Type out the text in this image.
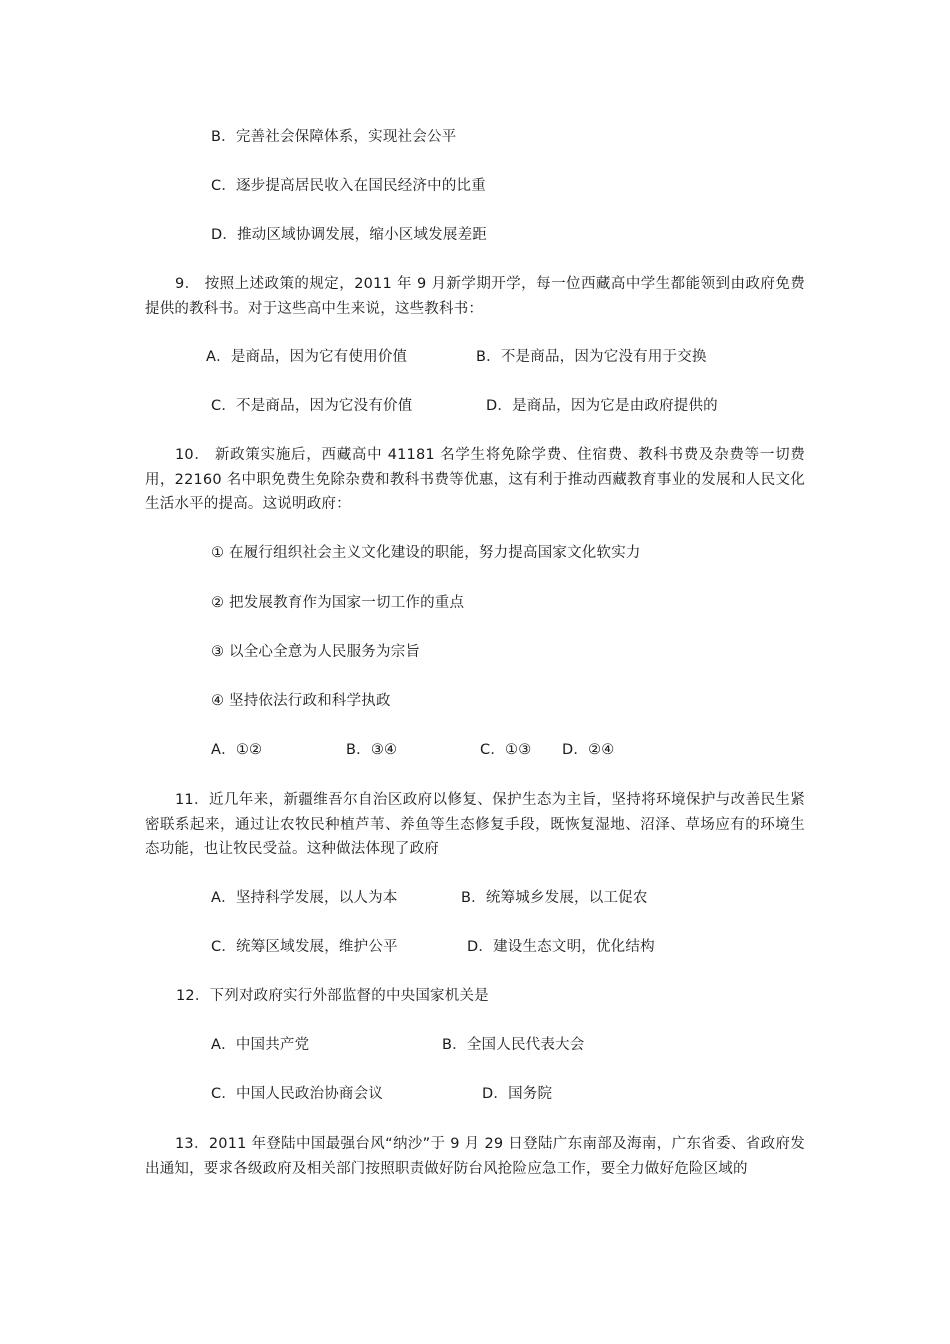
B．完善社会保障体系，实现社会公平
C．逐步提高居民收入在国民经济中的比重
D．推动区域协调发展，缩小区域发展差距
9． 按照上述政策的规定，2011 年 9 月新学期开学，每一位西藏高中学生都能领到由政府免费提供的教科书。对于这些高中生来说，这些教科书：
A．是商品，因为它有使用价值	B．不是商品，因为它没有用于交换
C．不是商品，因为它没有价值	D．是商品，因为它是由政府提供的
10． 新政策实施后，西藏高中 41181 名学生将免除学费、住宿费、教科书费及杂费等一切费用，22160 名中职免费生免除杂费和教科书费等优惠，这有利于推动西藏教育事业的发展和人民文化生活水平的提高。这说明政府：
① 在履行组织社会主义文化建设的职能，努力提高国家文化软实力
② 把发展教育作为国家一切工作的重点
③ 以全心全意为人民服务为宗旨
④ 坚持依法行政和科学执政
A．①②	B．③④	C．①③ D．②④
11．近几年来，新疆维吾尔自治区政府以修复、保护生态为主旨，坚持将环境保护与改善民生紧密联系起来，通过让农牧民种植芦苇、养鱼等生态修复手段，既恢复湿地、沼泽、草场应有的环境生态功能，也让牧民受益。这种做法体现了政府
A．坚持科学发展，以人为本	B．统筹城乡发展，以工促农
C．统筹区域发展，维护公平	D．建设生态文明，优化结构
12．下列对政府实行外部监督的中央国家机关是
A．中国共产党	B．全国人民代表大会
C．中国人民政治协商会议	D．国务院
13．2011 年登陆中国最强台风“纳沙”于 9 月 29 日登陆广东南部及海南，广东省委、省政府发出通知，要求各级政府及相关部门按照职责做好防台风抢险应急工作，要全力做好危险区域的
